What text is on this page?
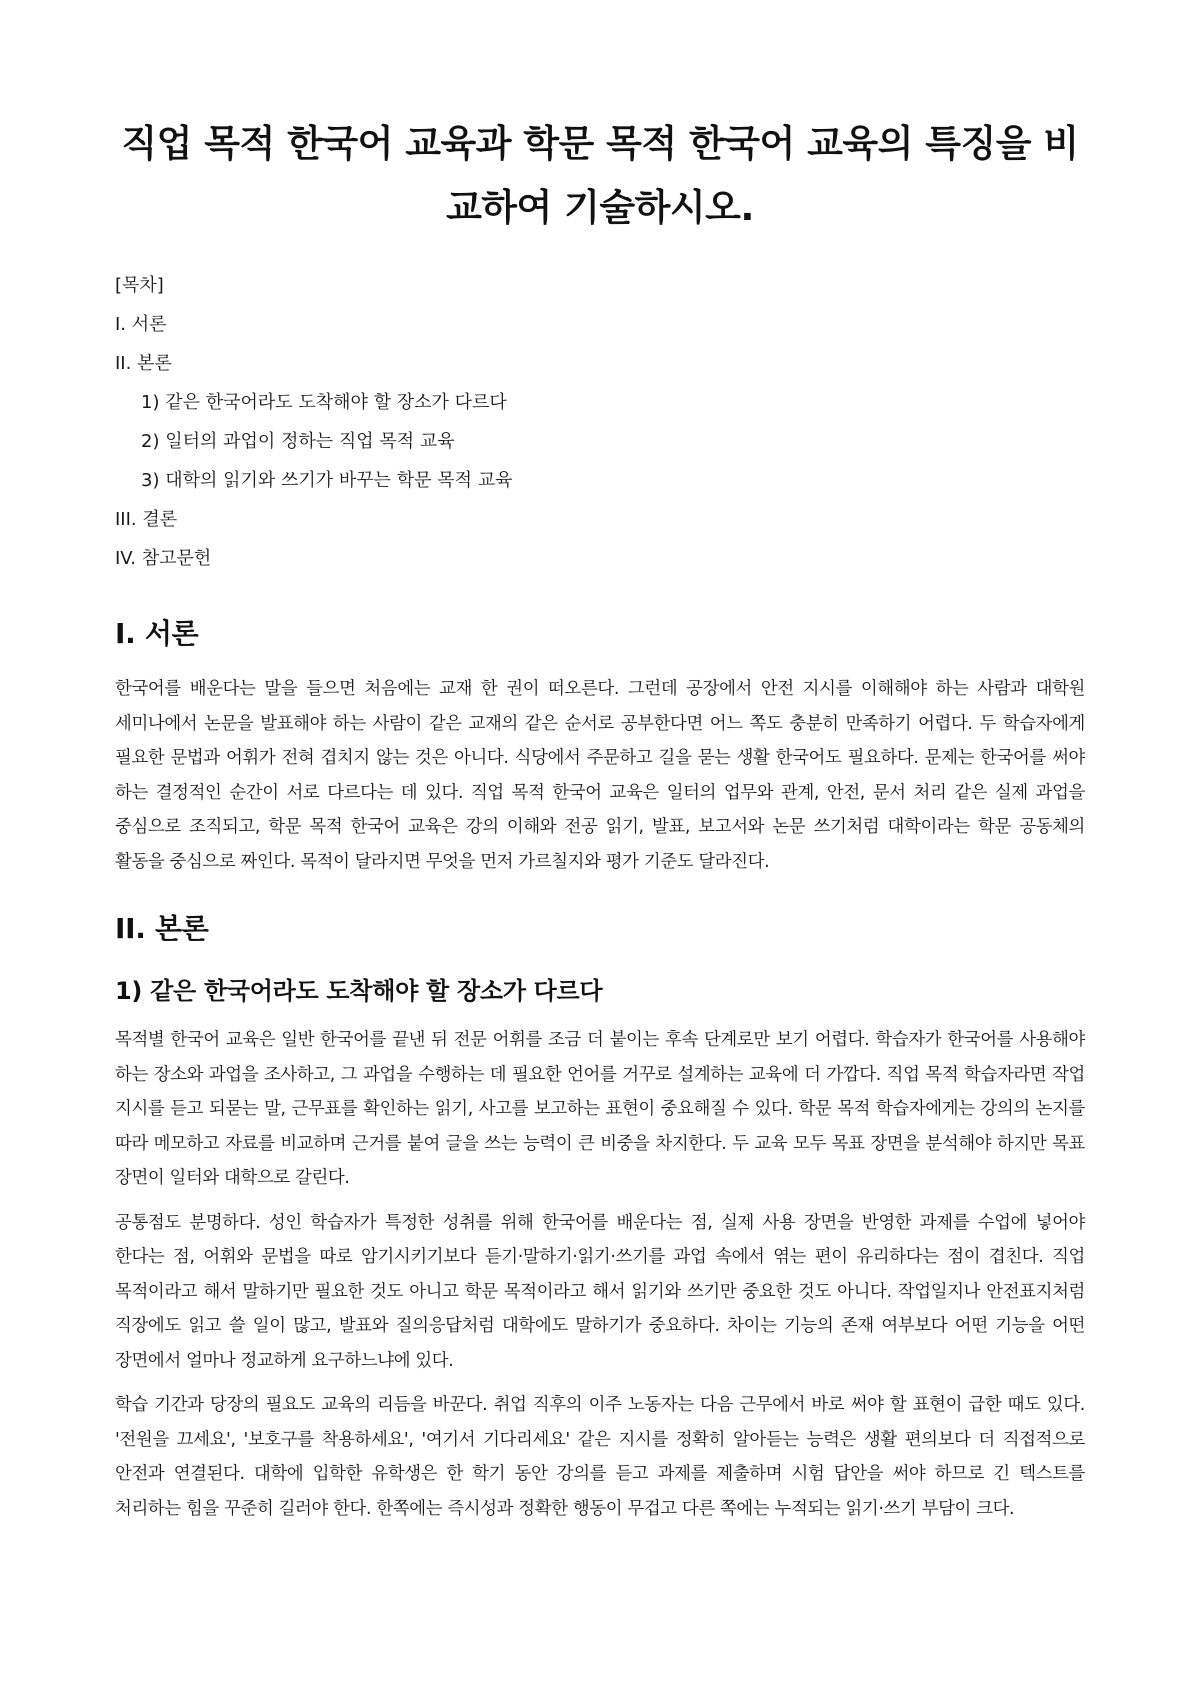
직업 목적 한국어 교육과 학문 목적 한국어 교육의 특징을 비교하여 기술하시오.
[목차]
I. 서론
II. 본론
1) 같은 한국어라도 도착해야 할 장소가 다르다
2) 일터의 과업이 정하는 직업 목적 교육
3) 대학의 읽기와 쓰기가 바꾸는 학문 목적 교육
III. 결론
IV. 참고문헌
I. 서론

한국어를 배운다는 말을 들으면 처음에는 교재 한 권이 떠오른다. 그런데 공장에서 안전 지시를 이해해야 하는 사람과 대학원 세미나에서 논문을 발표해야 하는 사람이 같은 교재의 같은 순서로 공부한다면 어느 쪽도 충분히 만족하기 어렵다. 두 학습자에게 필요한 문법과 어휘가 전혀 겹치지 않는 것은 아니다. 식당에서 주문하고 길을 묻는 생활 한국어도 필요하다. 문제는 한국어를 써야 하는 결정적인 순간이 서로 다르다는 데 있다. 직업 목적 한국어 교육은 일터의 업무와 관계, 안전, 문서 처리 같은 실제 과업을 중심으로 조직되고, 학문 목적 한국어 교육은 강의 이해와 전공 읽기, 발표, 보고서와 논문 쓰기처럼 대학이라는 학문 공동체의 활동을 중심으로 짜인다. 목적이 달라지면 무엇을 먼저 가르칠지와 평가 기준도 달라진다.

II. 본론
1) 같은 한국어라도 도착해야 할 장소가 다르다

목적별 한국어 교육은 일반 한국어를 끝낸 뒤 전문 어휘를 조금 더 붙이는 후속 단계로만 보기 어렵다. 학습자가 한국어를 사용해야 하는 장소와 과업을 조사하고, 그 과업을 수행하는 데 필요한 언어를 거꾸로 설계하는 교육에 더 가깝다. 직업 목적 학습자라면 작업 지시를 듣고 되묻는 말, 근무표를 확인하는 읽기, 사고를 보고하는 표현이 중요해질 수 있다. 학문 목적 학습자에게는 강의의 논지를 따라 메모하고 자료를 비교하며 근거를 붙여 글을 쓰는 능력이 큰 비중을 차지한다. 두 교육 모두 목표 장면을 분석해야 하지만 목표 장면이 일터와 대학으로 갈린다.

공통점도 분명하다. 성인 학습자가 특정한 성취를 위해 한국어를 배운다는 점, 실제 사용 장면을 반영한 과제를 수업에 넣어야 한다는 점, 어휘와 문법을 따로 암기시키기보다 듣기·말하기·읽기·쓰기를 과업 속에서 엮는 편이 유리하다는 점이 겹친다. 직업 목적이라고 해서 말하기만 필요한 것도 아니고 학문 목적이라고 해서 읽기와 쓰기만 중요한 것도 아니다. 작업일지나 안전표지처럼 직장에도 읽고 쓸 일이 많고, 발표와 질의응답처럼 대학에도 말하기가 중요하다. 차이는 기능의 존재 여부보다 어떤 기능을 어떤 장면에서 얼마나 정교하게 요구하느냐에 있다.

학습 기간과 당장의 필요도 교육의 리듬을 바꾼다. 취업 직후의 이주 노동자는 다음 근무에서 바로 써야 할 표현이 급한 때도 있다. '전원을 끄세요', '보호구를 착용하세요', '여기서 기다리세요' 같은 지시를 정확히 알아듣는 능력은 생활 편의보다 더 직접적으로 안전과 연결된다. 대학에 입학한 유학생은 한 학기 동안 강의를 듣고 과제를 제출하며 시험 답안을 써야 하므로 긴 텍스트를 처리하는 힘을 꾸준히 길러야 한다. 한쪽에는 즉시성과 정확한 행동이 무겁고 다른 쪽에는 누적되는 읽기·쓰기 부담이 크다.
